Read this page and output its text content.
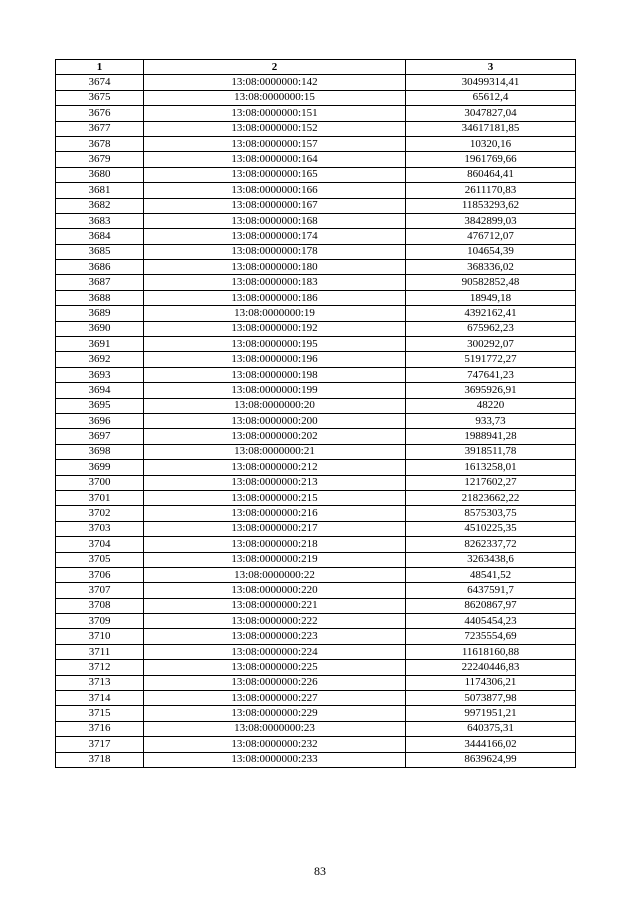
1	2	3
3674	13:08:0000000:142	30499314,41
3675	13:08:0000000:15	65612,4
3676	13:08:0000000:151	3047827,04
3677	13:08:0000000:152	34617181,85
3678	13:08:0000000:157	10320,16
3679	13:08:0000000:164	1961769,66
3680	13:08:0000000:165	860464,41
3681	13:08:0000000:166	2611170,83
3682	13:08:0000000:167	11853293,62
3683	13:08:0000000:168	3842899,03
3684	13:08:0000000:174	476712,07
3685	13:08:0000000:178	104654,39
3686	13:08:0000000:180	368336,02
3687	13:08:0000000:183	90582852,48
3688	13:08:0000000:186	18949,18
3689	13:08:0000000:19	4392162,41
3690	13:08:0000000:192	675962,23
3691	13:08:0000000:195	300292,07
3692	13:08:0000000:196	5191772,27
3693	13:08:0000000:198	747641,23
3694	13:08:0000000:199	3695926,91
3695	13:08:0000000:20	48220
3696	13:08:0000000:200	933,73
3697	13:08:0000000:202	1988941,28
3698	13:08:0000000:21	3918511,78
3699	13:08:0000000:212	1613258,01
3700	13:08:0000000:213	1217602,27
3701	13:08:0000000:215	21823662,22
3702	13:08:0000000:216	8575303,75
3703	13:08:0000000:217	4510225,35
3704	13:08:0000000:218	8262337,72
3705	13:08:0000000:219	3263438,6
3706	13:08:0000000:22	48541,52
3707	13:08:0000000:220	6437591,7
3708	13:08:0000000:221	8620867,97
3709	13:08:0000000:222	4405454,23
3710	13:08:0000000:223	7235554,69
3711	13:08:0000000:224	11618160,88
3712	13:08:0000000:225	22240446,83
3713	13:08:0000000:226	1174306,21
3714	13:08:0000000:227	5073877,98
3715	13:08:0000000:229	9971951,21
3716	13:08:0000000:23	640375,31
3717	13:08:0000000:232	3444166,02
3718	13:08:0000000:233	8639624,99
83
